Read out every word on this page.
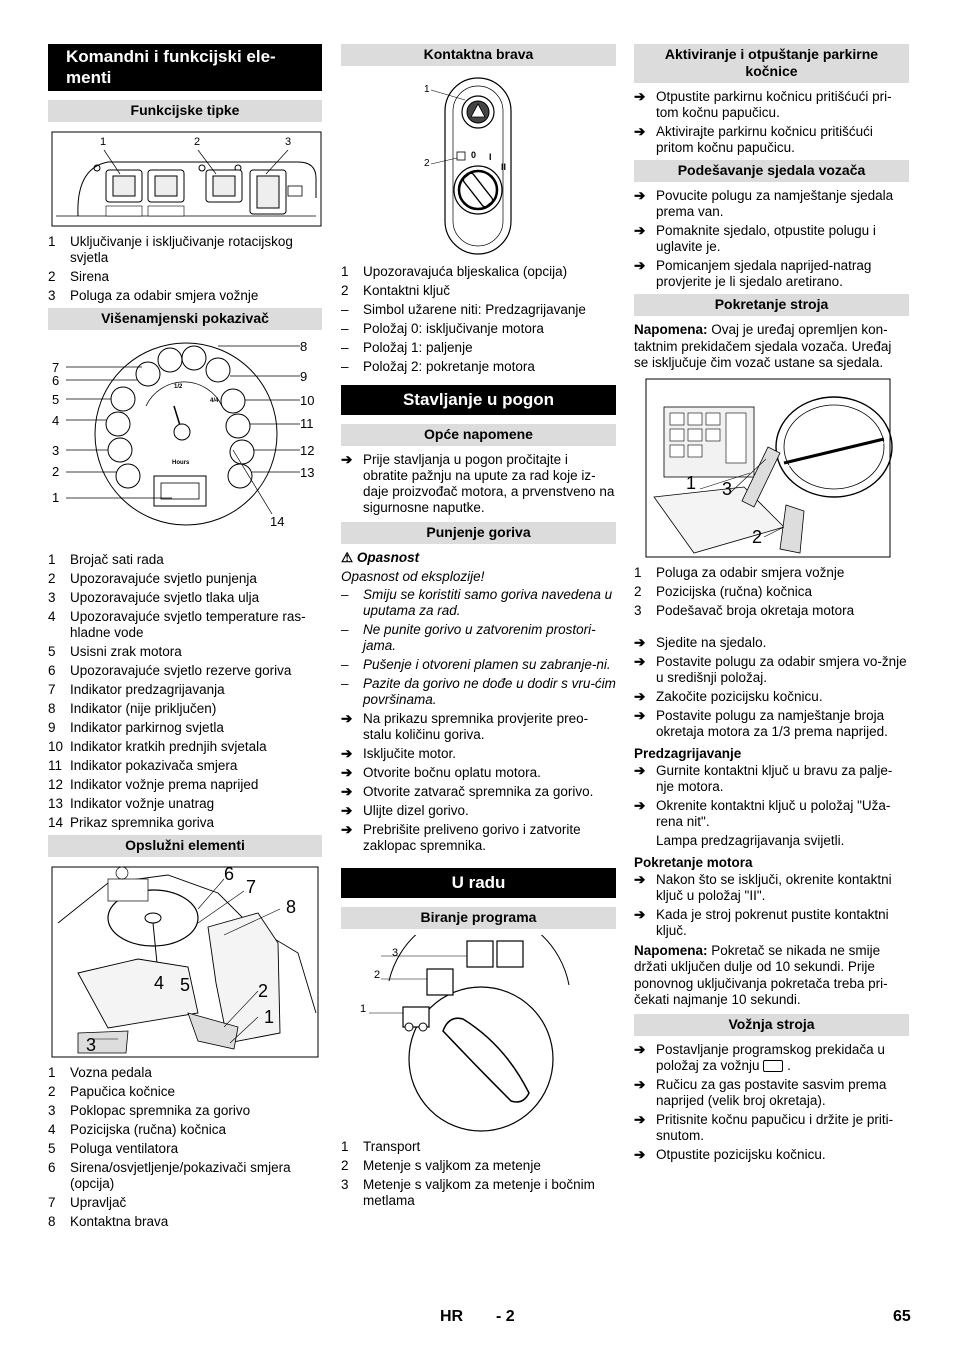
Komandni i funkcijski ele-
menti
Funkcijske tipke
1	2	3
1	Uključivanje i isključivanje rotacijskog svjetla
2	Sirena
3	Poluga za odabir smjera vožnje
Višenamjenski pokazivač
7
6
5
4
3
2
1
8
9
10
11
12
13
14
1/2
4/4
Hours
1	Brojač sati rada
2	Upozoravajuće svjetlo punjenja
3	Upozoravajuće svjetlo tlaka ulja
4	Upozoravajuće svjetlo temperature ras-hladne vode
5	Usisni zrak motora
6	Upozoravajuće svjetlo rezerve goriva
7	Indikator predzagrijavanja
8	Indikator (nije priključen)
9	Indikator parkirnog svjetla
10 Indikator kratkih prednjih svjetala
11 Indikator pokazivača smjera
12 Indikator vožnje prema naprijed
13 Indikator vožnje unatrag
14 Prikaz spremnika goriva
Opslužni elementi
6
7
8
4 5	2
1
3
1	Vozna pedala
2	Papučica kočnice
3	Poklopac spremnika za gorivo
4	Pozicijska (ručna) kočnica
5	Poluga ventilatora
6	Sirena/osvjetljenje/pokazivači smjera (opcija)
7	Upravljač
8	Kontaktna brava
Kontaktna brava
1
2
0 I
II
1	Upozoravajuća bljeskalica (opcija)
2	Kontaktni ključ
–	Simbol užarene niti: Predzagrijavanje
–	Položaj 0: isključivanje motora
–	Položaj 1: paljenje
–	Položaj 2: pokretanje motora
Stavljanje u pogon
Opće napomene
➔ Prije stavljanja u pogon pročitajte i obratite pažnju na upute za rad koje iz-daje proizvođač motora, a prvenstveno na sigurnosne naputke.
Punjenje goriva
⚠ Opasnost
Opasnost od eksplozije!
–	Smiju se koristiti samo goriva navedena u uputama za rad.
–	Ne punite gorivo u zatvorenim prostori-jama.
–	Pušenje i otvoreni plamen su zabranje-ni.
–	Pazite da gorivo ne dođe u dodir s vru-ćim površinama.
➔ Na prikazu spremnika provjerite preo-stalu količinu goriva.
➔ Isključite motor.
➔ Otvorite bočnu oplatu motora.
➔ Otvorite zatvarač spremnika za gorivo.
➔ Ulijte dizel gorivo.
➔ Prebrišite preliveno gorivo i zatvorite zaklopac spremnika.
U radu
Biranje programa
3
2
1
1	Transport
2	Metenje s valjkom za metenje
3	Metenje s valjkom za metenje i bočnim metlama
Aktiviranje i otpuštanje parkirne kočnice
➔ Otpustite parkirnu kočnicu pritišćući pri-tom kočnu papučicu.
➔ Aktivirajte parkirnu kočnicu pritišćući pritom kočnu papučicu.
Podešavanje sjedala vozača
➔ Povucite polugu za namještanje sjedala prema van.
➔ Pomaknite sjedalo, otpustite polugu i uglavite je.
➔ Pomicanjem sjedala naprijed-natrag provjerite je li sjedalo aretirano.
Pokretanje stroja
Napomena: Ovaj je uređaj opremljen kon-taktnim prekidačem sjedala vozača. Uređaj se isključuje čim vozač ustane sa sjedala.
1 3
2
1	Poluga za odabir smjera vožnje
2	Pozicijska (ručna) kočnica
3	Podešavač broja okretaja motora
➔ Sjedite na sjedalo.
➔ Postavite polugu za odabir smjera vo-žnje u središnji položaj.
➔ Zakočite pozicijsku kočnicu.
➔ Postavite polugu za namještanje broja okretaja motora za 1/3 prema naprijed.
Predzagrijavanje
➔ Gurnite kontaktni ključ u bravu za palje-nje motora.
➔ Okrenite kontaktni ključ u položaj "Uža-rena nit".
Lampa predzagrijavanja svijetli.
Pokretanje motora
➔ Nakon što se isključi, okrenite kontaktni ključ u položaj "II".
➔ Kada je stroj pokrenut pustite kontaktni ključ.
Napomena: Pokretač se nikada ne smije držati uključen dulje od 10 sekundi. Prije ponovnog uključivanja pokretača treba pri-čekati najmanje 10 sekundi.
Vožnja stroja
➔ Postavljanje programskog prekidača u položaj za vožnju  .
➔ Ručicu za gas postavite sasvim prema naprijed (velik broj okretaja).
➔ Pritisnite kočnu papučicu i držite je priti-snutom.
➔ Otpustite pozicijsku kočnicu.
HR - 2	65
